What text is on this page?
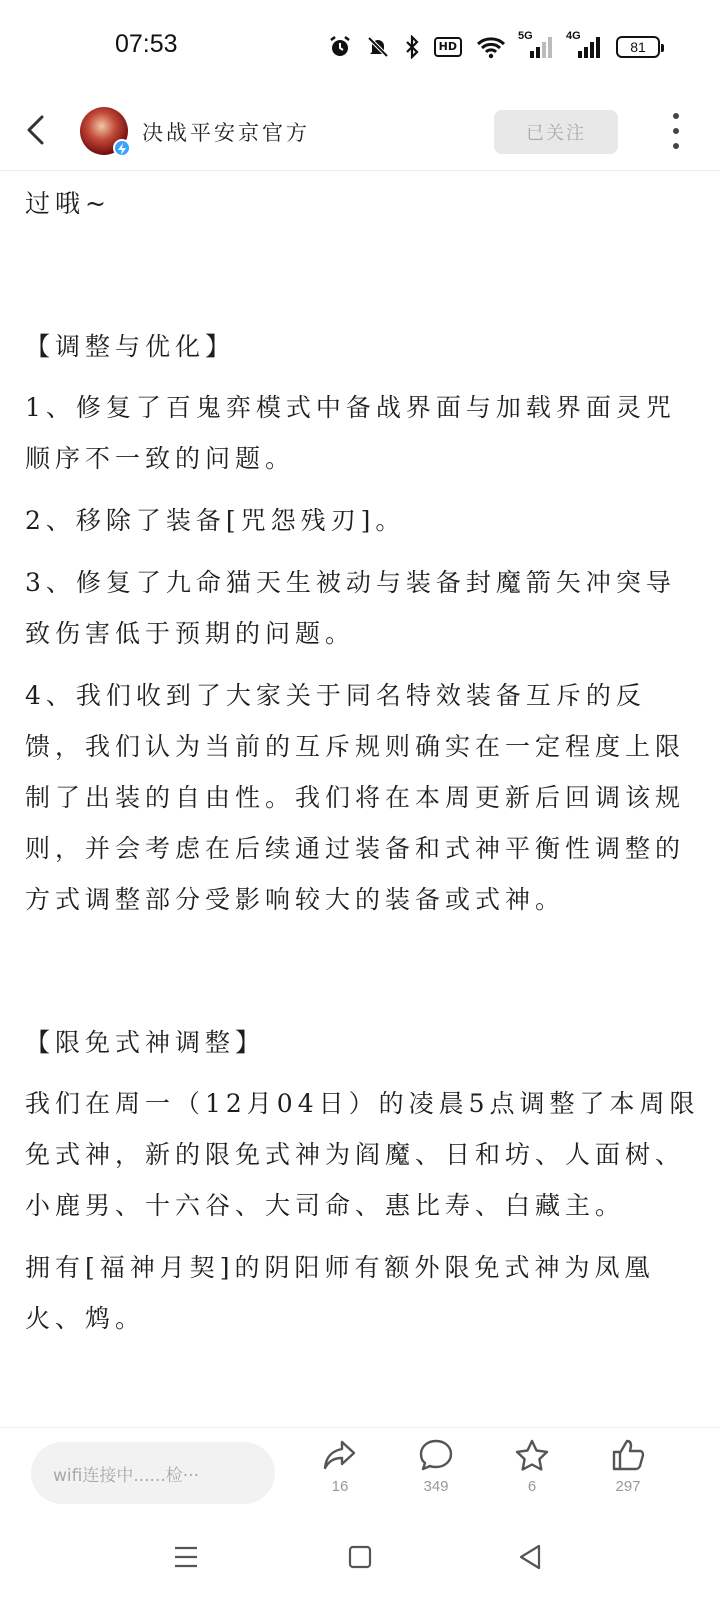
07:53	HD
5G	4G
81
决战平安京官方	已关注

过哦~

【调整与优化】

1、修复了百鬼弈模式中备战界面与加载界面灵咒顺序不一致的问题。

2、移除了装备[咒怨残刃]。

3、修复了九命猫天生被动与装备封魔箭矢冲突导致伤害低于预期的问题。

4、我们收到了大家关于同名特效装备互斥的反馈，我们认为当前的互斥规则确实在一定程度上限制了出装的自由性。我们将在本周更新后回调该规则，并会考虑在后续通过装备和式神平衡性调整的方式调整部分受影响较大的装备或式神。

【限免式神调整】

我们在周一（12月04日）的凌晨5点调整了本周限免式神，新的限免式神为阎魔、日和坊、人面树、小鹿男、十六谷、大司命、惠比寿、白藏主。

拥有[福神月契]的阴阳师有额外限免式神为凤凰火、鸩。

wifi连接中......检···
16	349	6	297
